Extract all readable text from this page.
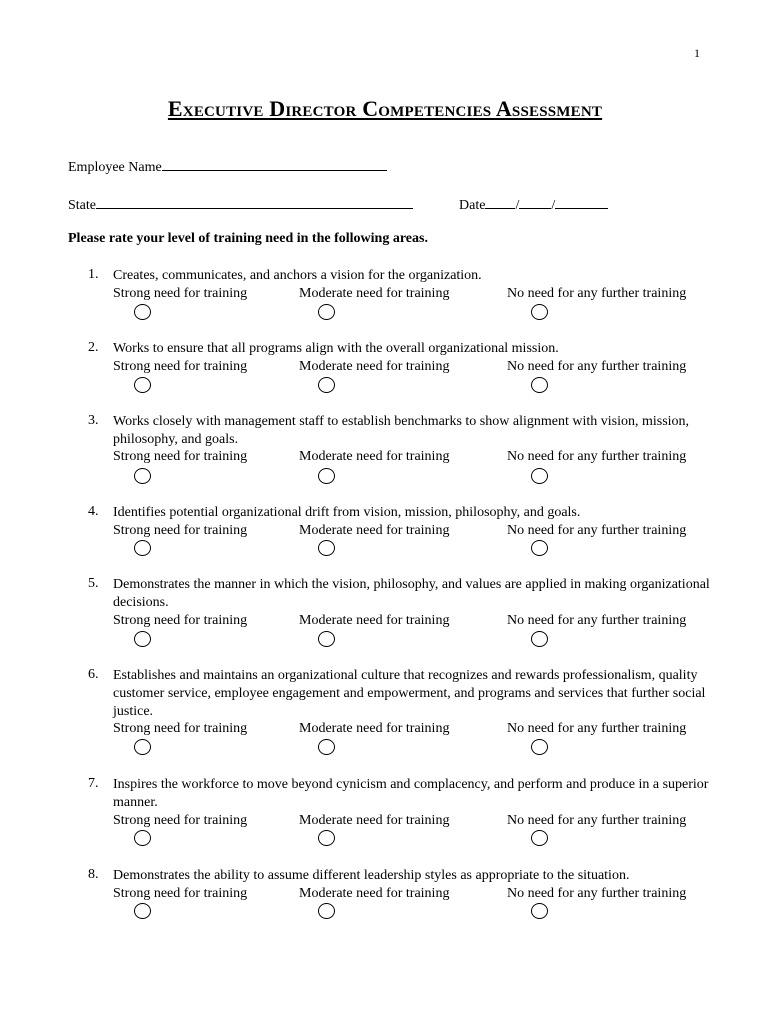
1
Executive Director Competencies Assessment
Employee Name
State	Date / /
Please rate your level of training need in the following areas.
1. Creates, communicates, and anchors a vision for the organization.
Strong need for training	Moderate need for training	No need for any further training
2. Works to ensure that all programs align with the overall organizational mission.
Strong need for training	Moderate need for training	No need for any further training
3. Works closely with management staff to establish benchmarks to show alignment with vision, mission, philosophy, and goals.
Strong need for training	Moderate need for training	No need for any further training
4. Identifies potential organizational drift from vision, mission, philosophy, and goals.
Strong need for training	Moderate need for training	No need for any further training
5. Demonstrates the manner in which the vision, philosophy, and values are applied in making organizational decisions.
Strong need for training	Moderate need for training	No need for any further training
6. Establishes and maintains an organizational culture that recognizes and rewards professionalism, quality customer service, employee engagement and empowerment, and programs and services that further social justice.
Strong need for training	Moderate need for training	No need for any further training
7. Inspires the workforce to move beyond cynicism and complacency, and perform and produce in a superior manner.
Strong need for training	Moderate need for training	No need for any further training
8. Demonstrates the ability to assume different leadership styles as appropriate to the situation.
Strong need for training	Moderate need for training	No need for any further training
